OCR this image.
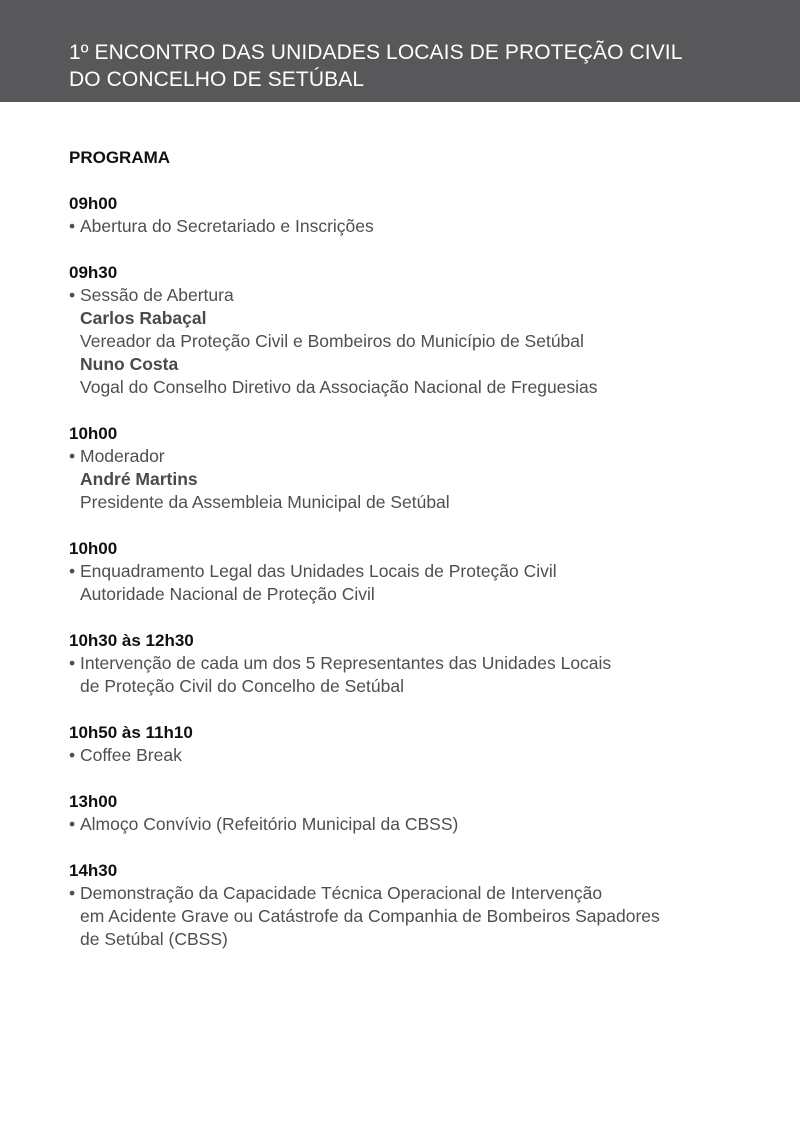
1º ENCONTRO DAS UNIDADES LOCAIS DE PROTEÇÃO CIVIL
DO CONCELHO DE SETÚBAL
PROGRAMA
09h00
• Abertura do Secretariado e Inscrições
09h30
• Sessão de Abertura
Carlos Rabaçal
Vereador da Proteção Civil e Bombeiros do Município de Setúbal
Nuno Costa
Vogal do Conselho Diretivo da Associação Nacional de Freguesias
10h00
• Moderador
André Martins
Presidente da Assembleia Municipal de Setúbal
10h00
• Enquadramento Legal das Unidades Locais de Proteção Civil
Autoridade Nacional de Proteção Civil
10h30 às 12h30
• Intervenção de cada um dos 5 Representantes das Unidades Locais
de Proteção Civil do Concelho de Setúbal
10h50 às 11h10
• Coffee Break
13h00
• Almoço Convívio (Refeitório Municipal da CBSS)
14h30
• Demonstração da Capacidade Técnica Operacional de Intervenção
em Acidente Grave ou Catástrofe da Companhia de Bombeiros Sapadores
de Setúbal (CBSS)
